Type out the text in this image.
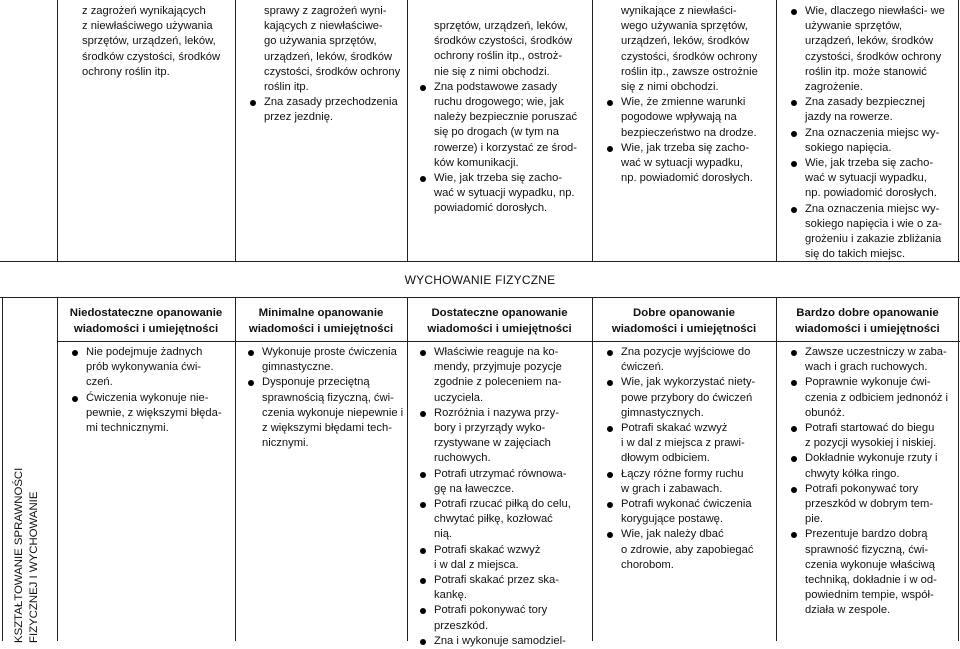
z zagrożeń wynikających
z niewłaściwego używania
sprzętów, urządzeń, leków,
środków czystości, środków
ochrony roślin itp.
sprawy z zagrożeń wyni-
kających z niewłaściwe-
go używania sprzętów,
urządzeń, leków, środków
czystości, środków ochrony
roślin itp.
Zna zasady przechodzenia
przez jezdnię.
sprzętów, urządzeń, leków,
środków czystości, środków
ochrony roślin itp., ostroż-
nie się z nimi obchodzi.
Zna podstawowe zasady
ruchu drogowego; wie, jak
należy bezpiecznie poruszać
się po drogach (w tym na
rowerze) i korzystać ze środ-
ków komunikacji.
Wie, jak trzeba się zacho-
wać w sytuacji wypadku, np.
powiadomić dorosłych.
wynikające z niewłaści-
wego używania sprzętów,
urządzeń, leków, środków
czystości, środków ochrony
roślin itp., zawsze ostrożnie
się z nimi obchodzi.
Wie, że zmienne warunki
pogodowe wpływają na
bezpieczeństwo na drodze.
Wie, jak trzeba się zacho-
wać w sytuacji wypadku,
np. powiadomić dorosłych.
Wie, dlaczego niewłaści- we
używanie sprzętów,
urządzeń, leków, środków
czystości, środków ochrony
roślin itp. może stanowić
zagrożenie.
Zna zasady bezpiecznej
jazdy na rowerze.
Zna oznaczenia miejsc wy-
sokiego napięcia.
Wie, jak trzeba się zacho-
wać w sytuacji wypadku,
np. powiadomić dorosłych.
Zna oznaczenia miejsc wy-
sokiego napięcia i wie o za-
grożeniu i zakazie zbliżania
się do takich miejsc.
WYCHOWANIE FIZYCZNE
Niedostateczne opanowanie
wiadomości i umiejętności
Minimalne opanowanie
wiadomości i umiejętności
Dostateczne opanowanie
wiadomości i umiejętności
Dobre opanowanie
wiadomości i umiejętności
Bardzo dobre opanowanie
wiadomości i umiejętności
KSZTAŁTOWANIE SPRAWNOŚCI FIZYCZNEJ I WYCHOWANIE
Nie podejmuje żadnych
prób wykonywania ćwi-
czeń.
Ćwiczenia wykonuje nie-
pewnie, z większymi błęda-
mi technicznymi.
Wykonuje proste ćwiczenia
gimnastyczne.
Dysponuje przeciętną
sprawnością fizyczną, ćwi-
czenia wykonuje niepewnie i
z większymi błędami tech-
nicznymi.
Właściwie reaguje na ko-
mendy, przyjmuje pozycje
zgodnie z poleceniem na-
uczyciela.
Rozróżnia i nazywa przy-
bory i przyrządy wyko-
rzystywane w zajęciach
ruchowych.
Potrafi utrzymać równowa-
gę na ławeczce.
Potrafi rzucać piłką do celu,
chwytać piłkę, kozłować
nią.
Potrafi skakać wzwyż
i w dal z miejsca.
Potrafi skakać przez ska-
kankę.
Potrafi pokonywać tory
przeszkód.
Zna i wykonuje samodziel-
Zna pozycje wyjściowe do
ćwiczeń.
Wie, jak wykorzystać niety-
powe przybory do ćwiczeń
gimnastycznych.
Potrafi skakać wzwyż
i w dal z miejsca z prawi-
dłowym odbiciem.
Łączy różne formy ruchu
w grach i zabawach.
Potrafi wykonać ćwiczenia
korygujące postawę.
Wie, jak należy dbać
o zdrowie, aby zapobiegać
chorobom.
Zawsze uczestniczy w zaba-
wach i grach ruchowych.
Poprawnie wykonuje ćwi-
czenia z odbiciem jednonóż i
obunóż.
Potrafi startować do biegu
z pozycji wysokiej i niskiej.
Dokładnie wykonuje rzuty i
chwyty kółka ringo.
Potrafi pokonywać tory
przeszkód w dobrym tem-
pie.
Prezentuje bardzo dobrą
sprawność fizyczną, ćwi-
czenia wykonuje właściwą
techniką, dokładnie i w od-
powiednim tempie, współ-
działa w zespole.
